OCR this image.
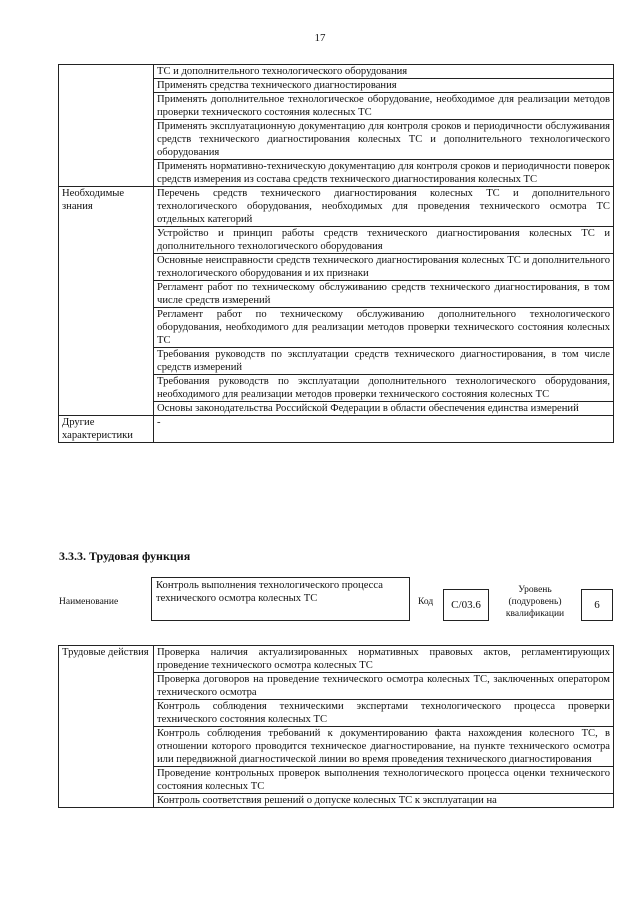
17

	ТС и дополнительного технологического оборудования

	Применять средства технического диагностирования

	Применять дополнительное технологическое оборудование, необходимое для реализации методов проверки технического состояния колесных ТС

	Применять эксплуатационную документацию для контроля сроков и периодичности обслуживания средств технического диагностирования колесных ТС и дополнительного технологического оборудования

	Применять нормативно-техническую документацию для контроля сроков и периодичности поверок средств измерения из состава средств технического диагностирования колесных ТС

Необходимые знания	Перечень средств технического диагностирования колесных ТС и дополнительного технологического оборудования, необходимых для проведения технического осмотра ТС отдельных категорий

	Устройство и принцип работы средств технического диагностирования колесных ТС и дополнительного технологического оборудования

	Основные неисправности средств технического диагностирования колесных ТС и дополнительного технологического оборудования и их признаки

	Регламент работ по техническому обслуживанию средств технического диагностирования, в том числе средств измерений

	Регламент работ по техническому обслуживанию дополнительного технологического оборудования, необходимого для реализации методов проверки технического состояния колесных ТС

	Требования руководств по эксплуатации средств технического диагностирования, в том числе средств измерений

	Требования руководств по эксплуатации дополнительного технологического оборудования, необходимого для реализации методов проверки технического состояния колесных ТС

	Основы законодательства Российской Федерации в области обеспечения единства измерений

Другие характеристики	-
3.3.3. Трудовая функция
Наименование
Контроль выполнения технологического процесса технического осмотра колесных ТС	Код	С/03.6
Уровень (подуровень) квалификации
6
Трудовые действия	Проверка наличия актуализированных нормативных правовых актов, регламентирующих проведение технического осмотра колесных ТС

Проверка договоров на проведение технического осмотра колесных ТС, заключенных оператором технического осмотра

Контроль соблюдения техническими экспертами технологического процесса проверки технического состояния колесных ТС

Контроль соблюдения требований к документированию факта нахождения колесного ТС, в отношении которого проводится техническое диагностирование, на пункте технического осмотра или передвижной диагностической линии во время проведения технического диагностирования

Проведение контрольных проверок выполнения технологического процесса оценки технического состояния колесных ТС

Контроль соответствия решений о допуске колесных ТС к эксплуатации на
